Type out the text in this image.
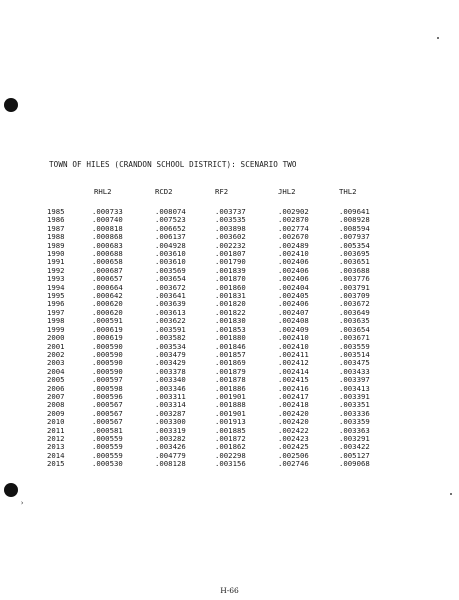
›
TOWN OF HILES (CRANDON SCHOOL DISTRICT): SCENARIO TWO
	RHL2	RCD2	RF2	JHL2	THL2
1985	.000733	.008074	.003737	.002902	.009641
1986	.000740	.007523	.003535	.002870	.008928
1987	.000818	.006652	.003898	.002774	.008594
1988	.000868	.006137	.003602	.002670	.007937
1989	.000683	.004928	.002232	.002489	.005354
1990	.000688	.003610	.001807	.002410	.003695
1991	.000658	.003610	.001790	.002406	.003651
1992	.000687	.003569	.001839	.002406	.003688
1993	.000657	.003654	.001870	.002406	.003776
1994	.000664	.003672	.001860	.002404	.003791
1995	.000642	.003641	.001831	.002405	.003709
1996	.000620	.003639	.001820	.002406	.003672
1997	.000620	.003613	.001822	.002407	.003649
1998	.000591	.003622	.001830	.002408	.003635
1999	.000619	.003591	.001853	.002409	.003654
2000	.000619	.003582	.001880	.002410	.003671
2001	.000590	.003534	.001846	.002410	.003559
2002	.000590	.003479	.001857	.002411	.003514
2003	.000590	.003429	.001869	.002412	.003475
2004	.000590	.003378	.001879	.002414	.003433
2005	.000597	.003340	.001878	.002415	.003397
2006	.000598	.003346	.001886	.002416	.003413
2007	.000596	.003311	.001901	.002417	.003391
2008	.000567	.003314	.001888	.002418	.003351
2009	.000567	.003287	.001901	.002420	.003336
2010	.000567	.003300	.001913	.002420	.003359
2011	.000581	.003319	.001885	.002422	.003363
2012	.000559	.003282	.001872	.002423	.003291
2013	.000559	.003426	.001862	.002425	.003422
2014	.000559	.004779	.002298	.002506	.005127
2015	.000530	.008128	.003156	.002746	.009068
H-66
